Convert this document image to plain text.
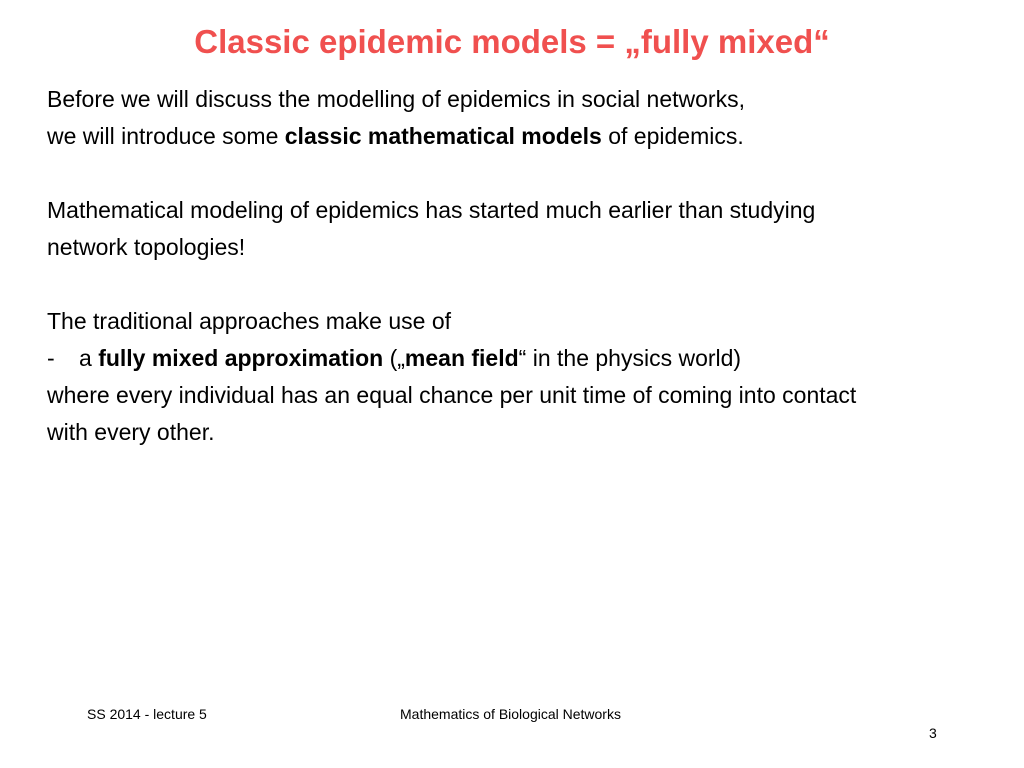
Classic epidemic models = „fully mixed“
Before we will discuss the modelling of epidemics in social networks,
we will introduce some classic mathematical models of epidemics.
Mathematical modeling of epidemics has started much earlier than studying
network topologies!
The traditional approaches make use of
- a fully mixed approximation („mean field“ in the physics world)
where every individual has an equal chance per unit time of coming into contact
with every other.
SS 2014 - lecture 5	Mathematics of Biological Networks
3
